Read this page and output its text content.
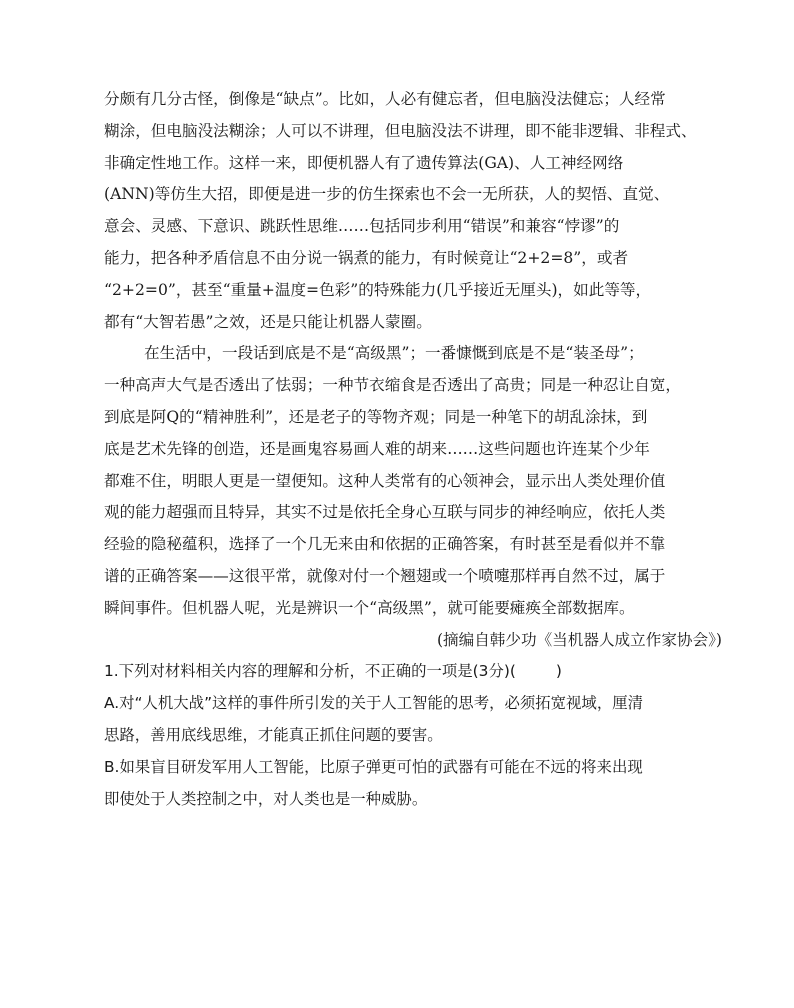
分颇有几分古怪，倒像是“缺点”。比如，人必有健忘者，但电脑没法健忘；人经常
糊涂，但电脑没法糊涂；人可以不讲理，但电脑没法不讲理，即不能非逻辑、非程式、
非确定性地工作。这样一来，即便机器人有了遗传算法(GA)、人工神经网络
(ANN)等仿生大招，即便是进一步的仿生探索也不会一无所获，人的契悟、直觉、
意会、灵感、下意识、跳跃性思维……包括同步利用“错误”和兼容“悖谬”的
能力，把各种矛盾信息不由分说一锅煮的能力，有时候竟让“2+2=8”，或者
“2+2=0”，甚至“重量+温度=色彩”的特殊能力(几乎接近无厘头)，如此等等，
都有“大智若愚”之效，还是只能让机器人蒙圈。
在生活中，一段话到底是不是“高级黑”；一番慷慨到底是不是“装圣母”；
一种高声大气是否透出了怯弱；一种节衣缩食是否透出了高贵；同是一种忍让自宽，
到底是阿Q的“精神胜利”，还是老子的等物齐观；同是一种笔下的胡乱涂抹，到
底是艺术先锋的创造，还是画鬼容易画人难的胡来……这些问题也许连某个少年
都难不住，明眼人更是一望便知。这种人类常有的心领神会，显示出人类处理价值
观的能力超强而且特异，其实不过是依托全身心互联与同步的神经响应，依托人类
经验的隐秘蕴积，选择了一个几无来由和依据的正确答案，有时甚至是看似并不靠
谱的正确答案——这很平常，就像对付一个翘翅或一个喷嚏那样再自然不过，属于
瞬间事件。但机器人呢，光是辨识一个“高级黑”，就可能要瘫痪全部数据库。
(摘编自韩少功《当机器人成立作家协会》)
1.下列对材料相关内容的理解和分析，不正确的一项是(3分)(	)
A.对“人机大战”这样的事件所引发的关于人工智能的思考，必须拓宽视域，厘清
思路，善用底线思维，才能真正抓住问题的要害。
B.如果盲目研发军用人工智能，比原子弹更可怕的武器有可能在不远的将来出现
即使处于人类控制之中，对人类也是一种威胁。
